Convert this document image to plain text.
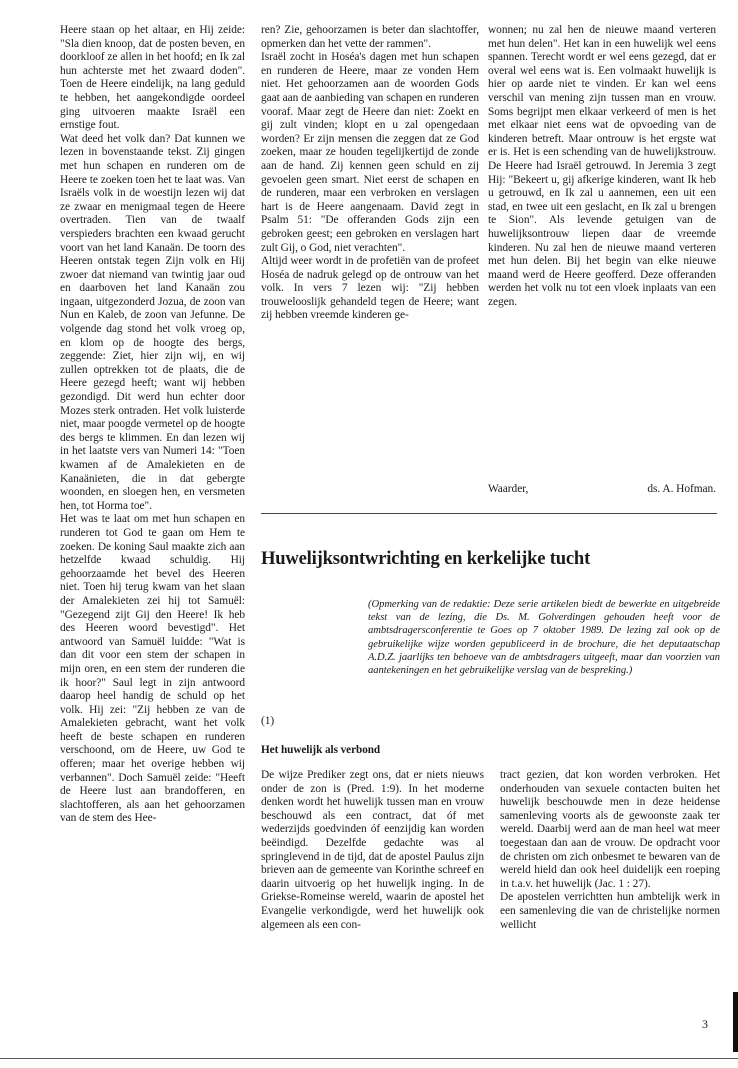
Heere staan op het altaar, en Hij zeide: "Sla dien knoop, dat de posten beven, en doorkloof ze allen in het hoofd; en Ik zal hun achterste met het zwaard doden". Toen de Heere eindelijk, na lang geduld te hebben, het aangekondigde oordeel ging uitvoeren maakte Israël een ernstige fout.

Wat deed het volk dan? Dat kunnen we lezen in bovenstaande tekst. Zij gingen met hun schapen en runderen om de Heere te zoeken toen het te laat was. Van Israëls volk in de woestijn lezen wij dat ze zwaar en menigmaal tegen de Heere overtraden. Tien van de twaalf verspieders brachten een kwaad gerucht voort van het land Kanaän. De toorn des Heeren ontstak tegen Zijn volk en Hij zwoer dat niemand van twintig jaar oud en daarboven het land Kanaän zou ingaan, uitgezonderd Jozua, de zoon van Nun en Kaleb, de zoon van Jefunne. De volgende dag stond het volk vroeg op, en klom op de hoogte des bergs, zeggende: Ziet, hier zijn wij, en wij zullen optrekken tot de plaats, die de Heere gezegd heeft; want wij hebben gezondigd. Dit werd hun echter door Mozes sterk ontraden. Het volk luisterde niet, maar poogde vermetel op de hoogte des bergs te klimmen. En dan lezen wij in het laatste vers van Numeri 14: "Toen kwamen af de Amalekieten en de Kanaänieten, die in dat gebergte woonden, en sloegen hen, en versmeten hen, tot Horma toe".

Het was te laat om met hun schapen en runderen tot God te gaan om Hem te zoeken. De koning Saul maakte zich aan hetzelfde kwaad schuldig. Hij gehoorzaamde het bevel des Heeren niet. Toen hij terug kwam van het slaan der Amalekieten zei hij tot Samuël: "Gezegend zijt Gij den Heere! Ik heb des Heeren woord bevestigd". Het antwoord van Samuël luidde: "Wat is dan dit voor een stem der schapen in mijn oren, en een stem der runderen die ik hoor?" Saul legt in zijn antwoord daarop heel handig de schuld op het volk. Hij zei: "Zij hebben ze van de Amalekieten gebracht, want het volk heeft de beste schapen en runderen verschoond, om de Heere, uw God te offeren; maar het overige hebben wij verbannen". Doch Samuël zeide: "Heeft de Heere lust aan brandofferen, en slachtofferen, als aan het gehoorzamen van de stem des Hee-

ren? Zie, gehoorzamen is beter dan slachtoffer, opmerken dan het vette der rammen".

Israël zocht in Hoséa's dagen met hun schapen en runderen de Heere, maar ze vonden Hem niet. Het gehoorzamen aan de woorden Gods gaat aan de aanbieding van schapen en runderen vooraf. Maar zegt de Heere dan niet: Zoekt en gij zult vinden; klopt en u zal opengedaan worden? Er zijn mensen die zeggen dat ze God zoeken, maar ze houden tegelijkertijd de zonde aan de hand. Zij kennen geen schuld en zij gevoelen geen smart. Niet eerst de schapen en de runderen, maar een verbroken en verslagen hart is de Heere aangenaam. David zegt in Psalm 51: "De offeranden Gods zijn een gebroken geest; een gebroken en verslagen hart zult Gij, o God, niet verachten".

Altijd weer wordt in de profetiën van de profeet Hoséa de nadruk gelegd op de ontrouw van het volk. In vers 7 lezen wij: "Zij hebben trouwelooslijk gehandeld tegen de Heere; want zij hebben vreemde kinderen ge-

wonnen; nu zal hen de nieuwe maand verteren met hun delen". Het kan in een huwelijk wel eens spannen. Terecht wordt er wel eens gezegd, dat er overal wel eens wat is. Een volmaakt huwelijk is hier op aarde niet te vinden. Er kan wel eens verschil van mening zijn tussen man en vrouw. Soms begrijpt men elkaar verkeerd of men is het met elkaar niet eens wat de opvoeding van de kinderen betreft. Maar ontrouw is het ergste wat er is. Het is een schending van de huwelijkstrouw. De Heere had Israël getrouwd. In Jeremia 3 zegt Hij: "Bekeert u, gij afkerige kinderen, want Ik heb u getrouwd, en Ik zal u aannemen, een uit een stad, en twee uit een geslacht, en Ik zal u brengen te Sion". Als levende getuigen van de huwelijksontrouw liepen daar de vreemde kinderen. Nu zal hen de nieuwe maand verteren met hun delen. Bij het begin van elke nieuwe maand werd de Heere geofferd. Deze offeranden werden het volk nu tot een vloek inplaats van een zegen.

Waarder,	ds. A. Hofman.
Huwelijksontwrichting en kerkelijke tucht
(Opmerking van de redaktie: Deze serie artikelen biedt de bewerkte en uitgebreide tekst van de lezing, die Ds. M. Golverdingen gehouden heeft voor de ambtsdragersconferentie te Goes op 7 oktober 1989. De lezing zal ook op de gebruikelijke wijze worden gepubliceerd in de brochure, die het deputaatschap A.D.Z. jaarlijks ten behoeve van de ambtsdragers uitgeeft, maar dan voorzien van aantekeningen en het gebruikelijke verslag van de bespreking.)
(1)
Het huwelijk als verbond

De wijze Prediker zegt ons, dat er niets nieuws onder de zon is (Pred. 1:9). In het moderne denken wordt het huwelijk tussen man en vrouw beschouwd als een contract, dat óf met wederzijds goedvinden óf eenzijdig kan worden beëindigd. Dezelfde gedachte was al springlevend in de tijd, dat de apostel Paulus zijn brieven aan de gemeente van Korinthe schreef en daarin uitvoerig op het huwelijk inging. In de Griekse-Romeinse wereld, waarin de apostel het Evangelie verkondigde, werd het huwelijk ook algemeen als een con-

tract gezien, dat kon worden verbroken. Het onderhouden van sexuele contacten buiten het huwelijk beschouwde men in deze heidense samenleving voorts als de gewoonste zaak ter wereld. Daarbij werd aan de man heel wat meer toegestaan dan aan de vrouw. De opdracht voor de christen om zich onbesmet te bewaren van de wereld hield dan ook heel duidelijk een roeping in t.a.v. het huwelijk (Jac. 1 : 27).

De apostelen verrichtten hun ambtelijk werk in een samenleving die van de christelijke normen wellicht

3
